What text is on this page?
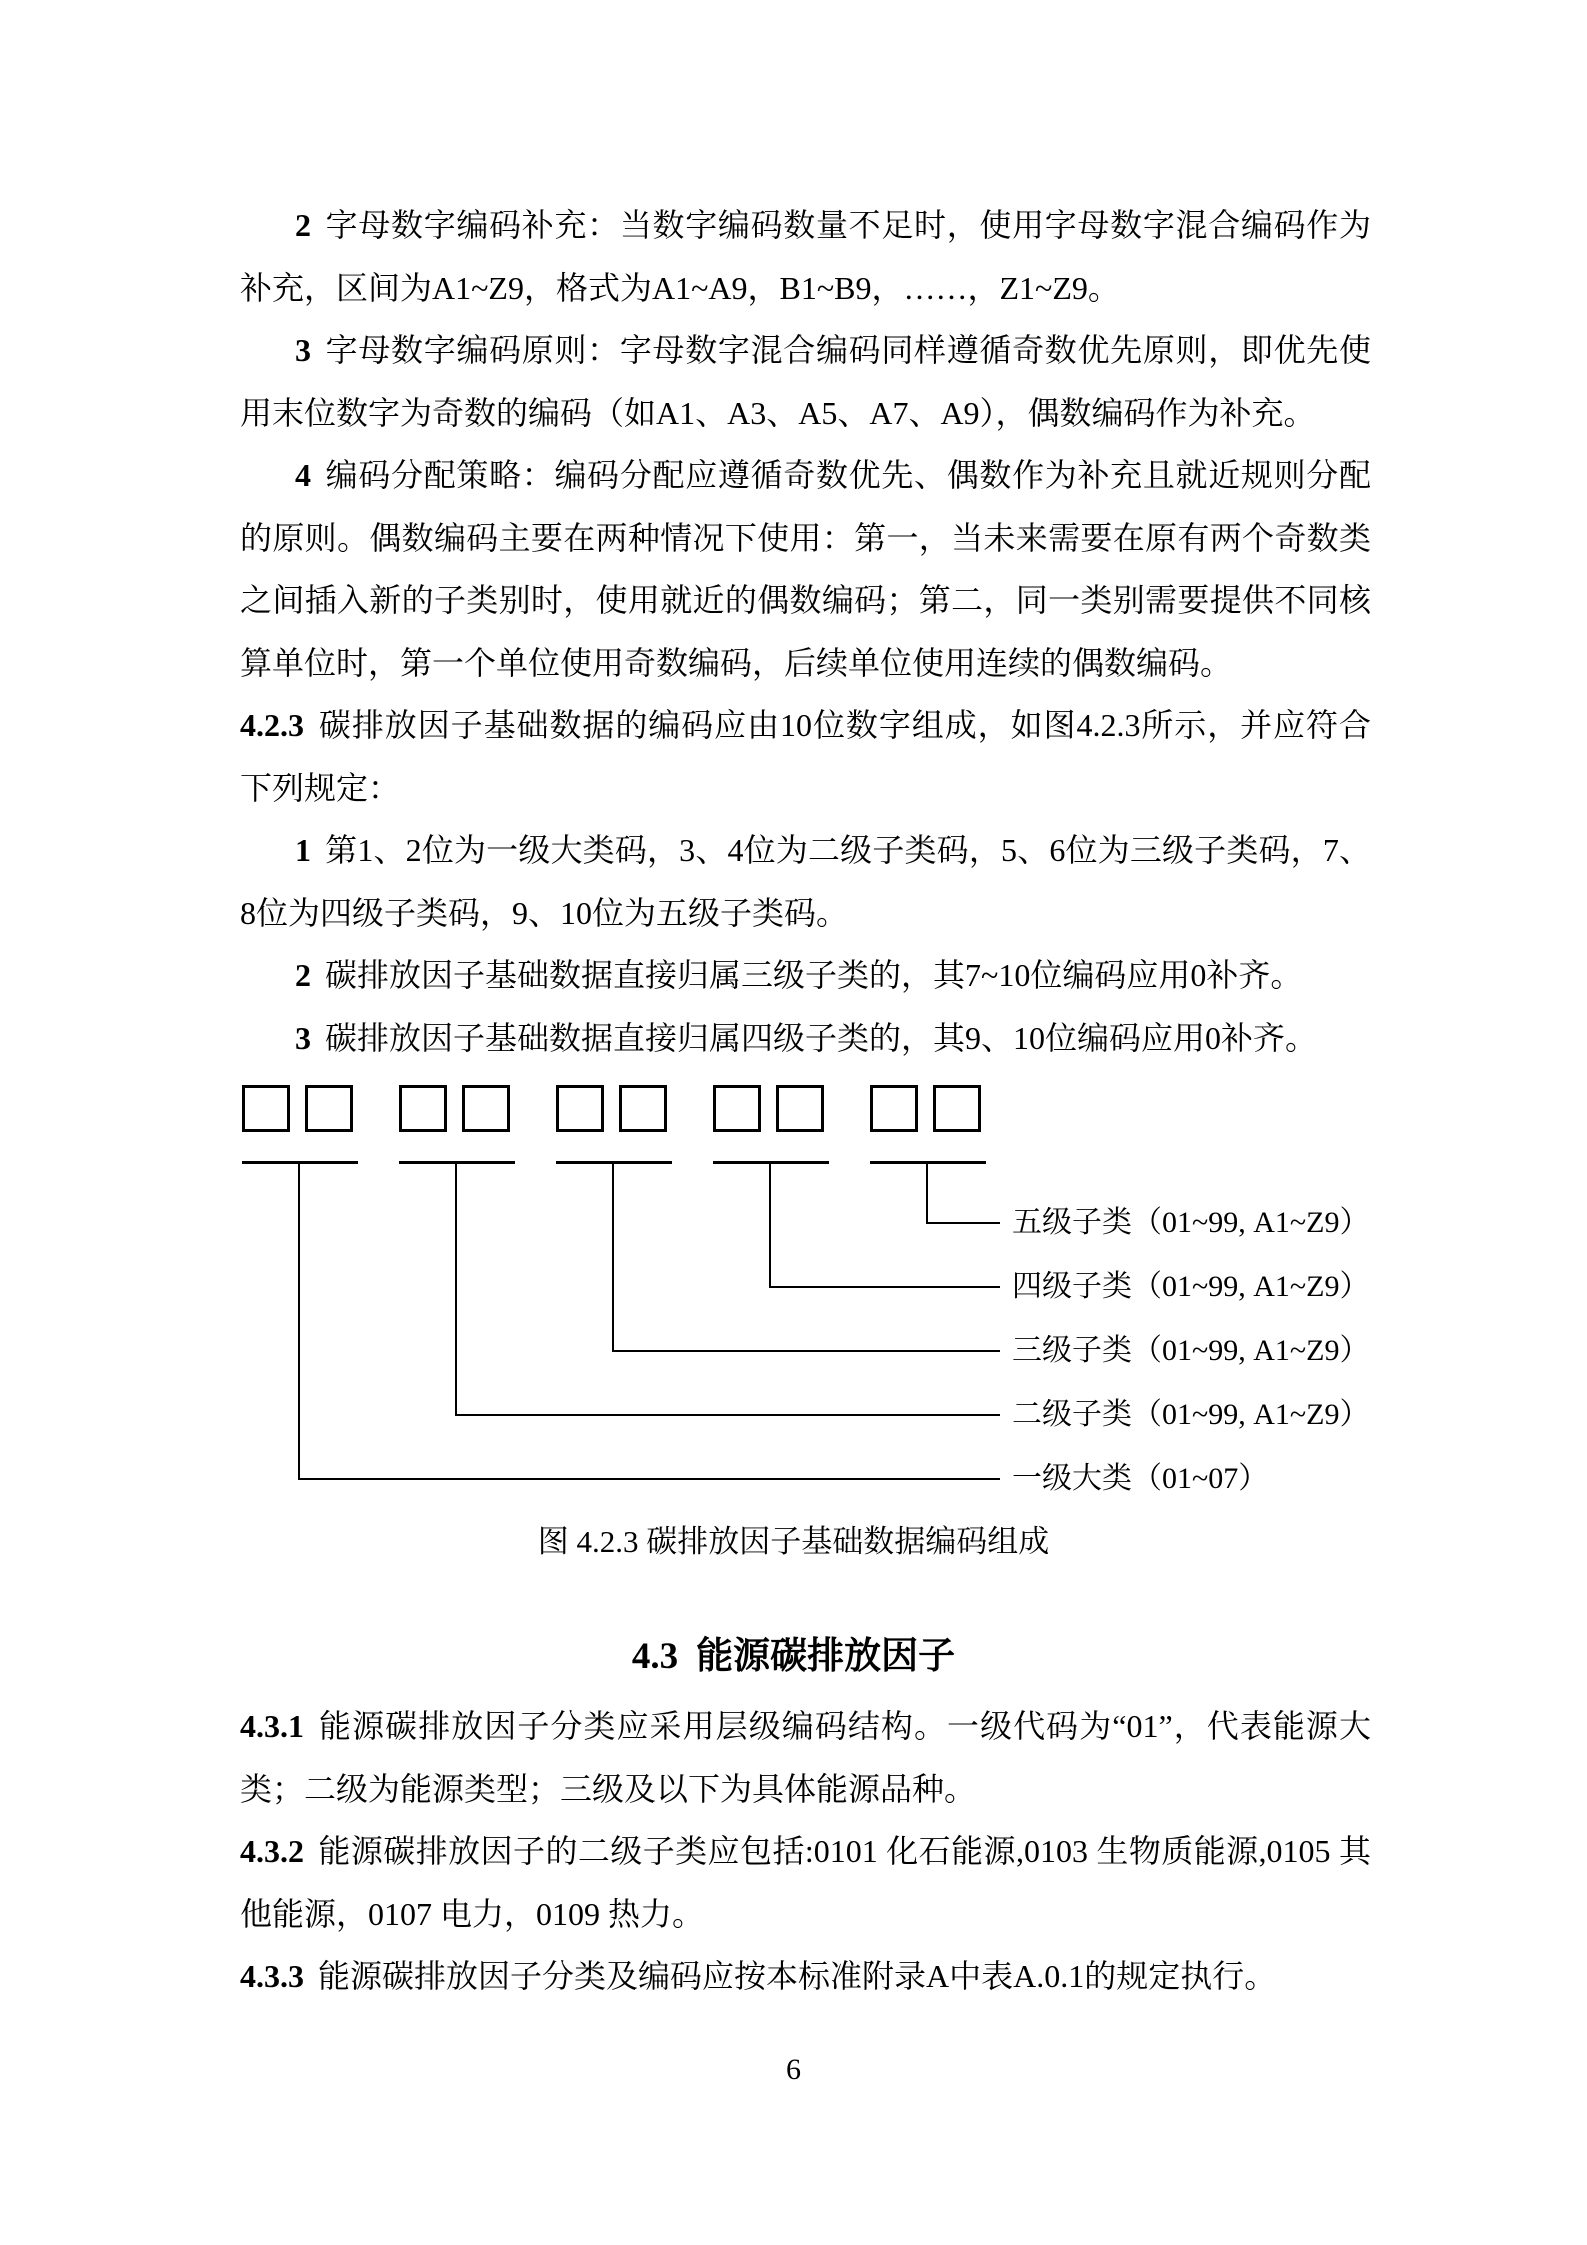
2 字母数字编码补充：当数字编码数量不足时，使用字母数字混合编码作为补充，区间为A1~Z9，格式为A1~A9，B1~B9，……，Z1~Z9。

3 字母数字编码原则：字母数字混合编码同样遵循奇数优先原则，即优先使用末位数字为奇数的编码（如A1、A3、A5、A7、A9），偶数编码作为补充。

4 编码分配策略：编码分配应遵循奇数优先、偶数作为补充且就近规则分配的原则。偶数编码主要在两种情况下使用：第一，当未来需要在原有两个奇数类之间插入新的子类别时，使用就近的偶数编码；第二，同一类别需要提供不同核算单位时，第一个单位使用奇数编码，后续单位使用连续的偶数编码。

4.2.3 碳排放因子基础数据的编码应由10位数字组成，如图4.2.3所示，并应符合下列规定：

1 第1、2位为一级大类码，3、4位为二级子类码，5、6位为三级子类码，7、8位为四级子类码，9、10位为五级子类码。

2 碳排放因子基础数据直接归属三级子类的，其7~10位编码应用0补齐。

3 碳排放因子基础数据直接归属四级子类的，其9、10位编码应用0补齐。

五级子类（01~99, A1~Z9）
四级子类（01~99, A1~Z9）
三级子类（01~99, A1~Z9）
二级子类（01~99, A1~Z9）
一级大类（01~07）
图 4.2.3 碳排放因子基础数据编码组成
4.3 能源碳排放因子

4.3.1 能源碳排放因子分类应采用层级编码结构。一级代码为“01”，代表能源大类；二级为能源类型；三级及以下为具体能源品种。

4.3.2 能源碳排放因子的二级子类应包括:0101 化石能源,0103 生物质能源,0105 其他能源，0107 电力，0109 热力。

4.3.3 能源碳排放因子分类及编码应按本标准附录A中表A.0.1的规定执行。

6
